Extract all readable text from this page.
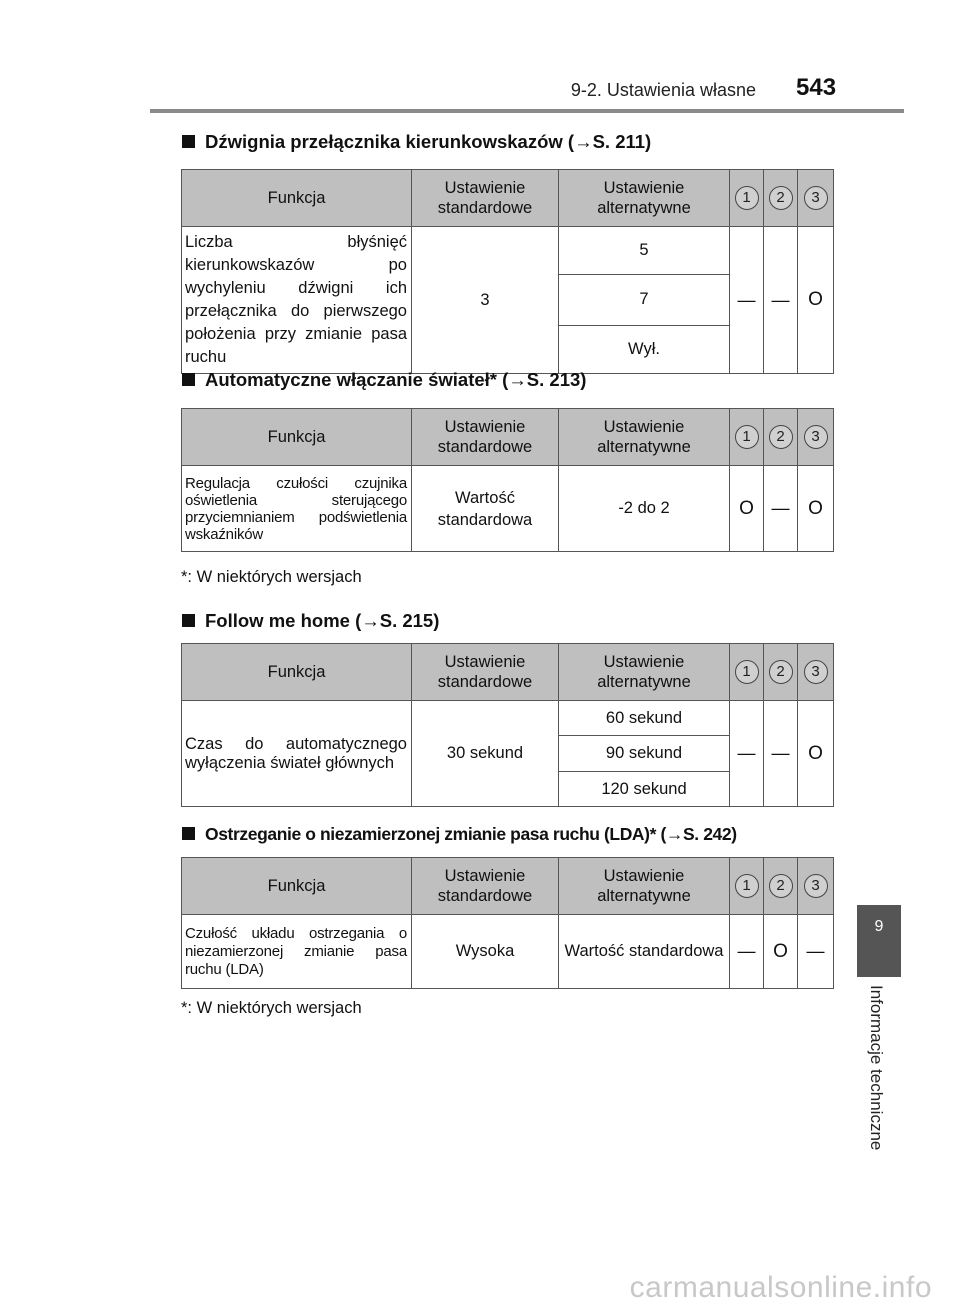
9-2. Ustawienia własne 543
9
Informacje techniczne
Dźwignia przełącznika kierunkowskazów (→S. 211)
Funkcja	Ustawienie standardowe	Ustawienie alternatywne	1	2	3
Liczba błyśnięć kierunkowskazów po wychyleniu dźwigni ich przełącznika do pierwszego położenia przy zmianie pasa ruchu	3	5	—	—	O
		7			
		Wył.			
Automatyczne włączanie świateł* (→S. 213)
Funkcja	Ustawienie standardowe	Ustawienie alternatywne	1	2	3
Regulacja czułości czujnika oświetlenia sterującego przyciemnianiem podświetlenia wskaźników	Wartość standardowa	-2 do 2	O	—	O
*: W niektórych wersjach
Follow me home (→S. 215)
Funkcja	Ustawienie standardowe	Ustawienie alternatywne	1	2	3
Czas do automatycznego wyłączenia świateł głównych	30 sekund	60 sekund	—	—	O
		90 sekund			
		120 sekund			
Ostrzeganie o niezamierzonej zmianie pasa ruchu (LDA)* (→S. 242)
Funkcja	Ustawienie standardowe	Ustawienie alternatywne	1	2	3
Czułość układu ostrzegania o niezamierzonej zmianie pasa ruchu (LDA)	Wysoka	Wartość standardowa	—	O	—
*: W niektórych wersjach
carmanualsonline.info
